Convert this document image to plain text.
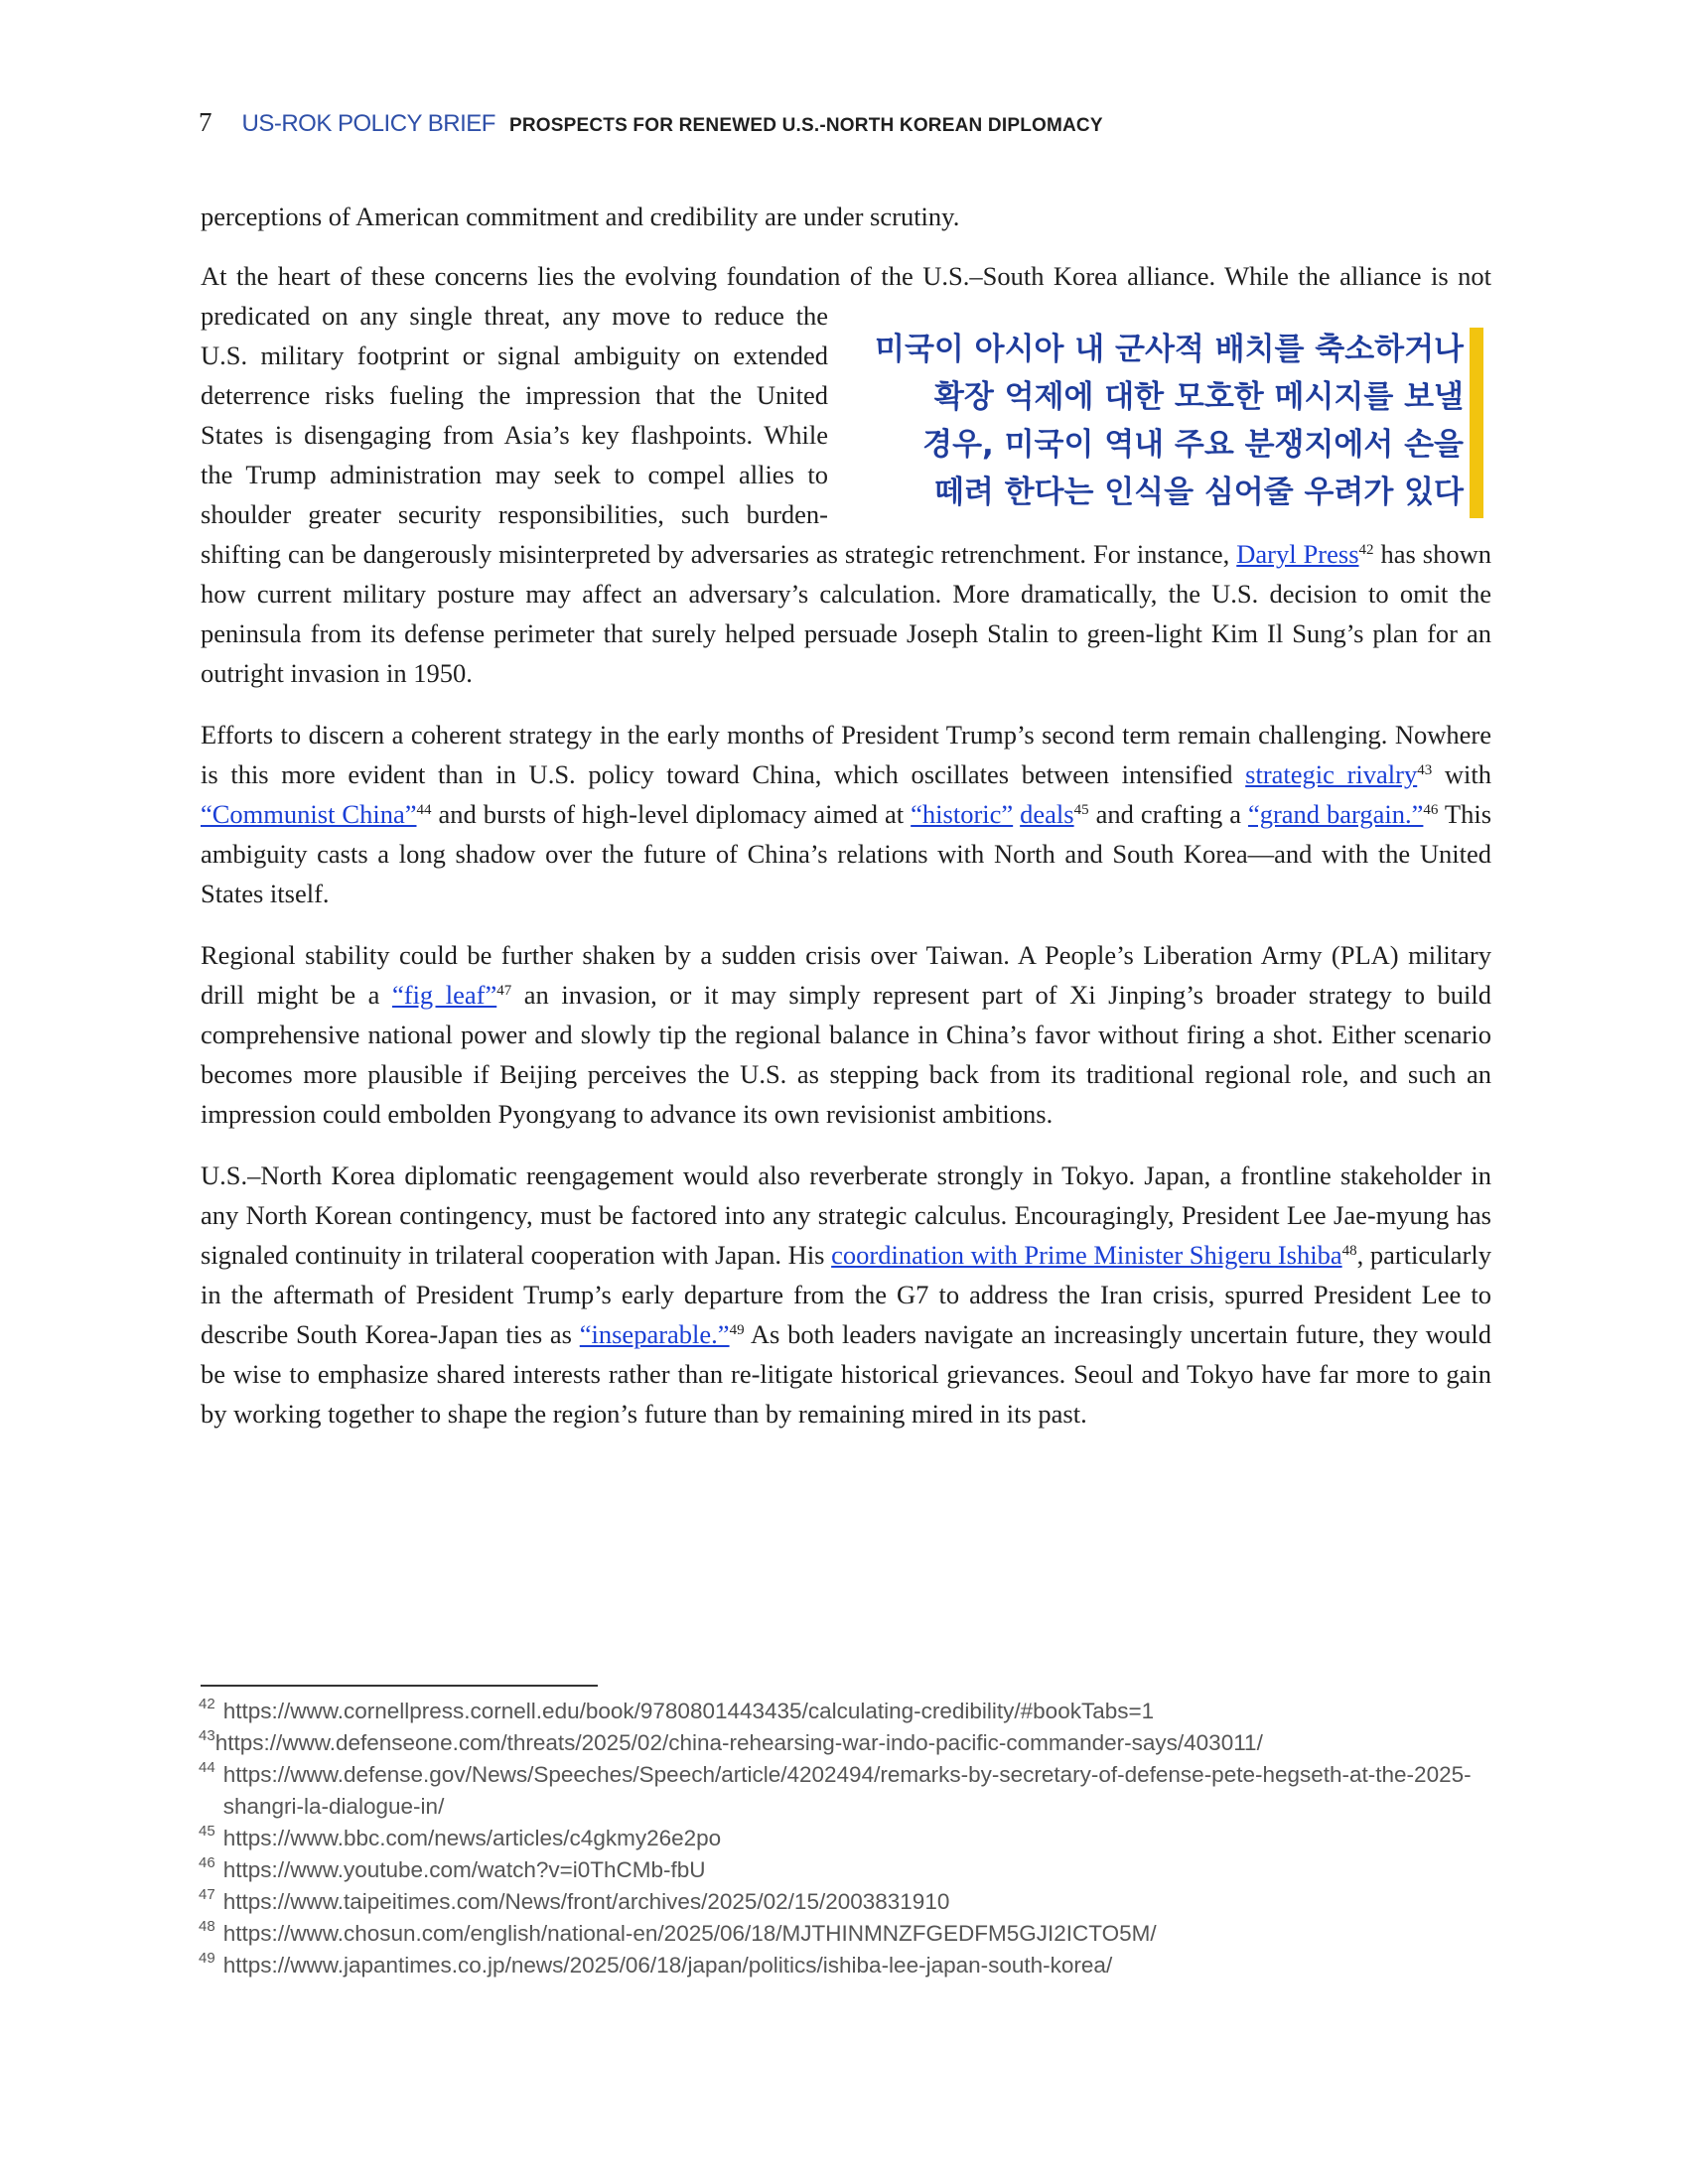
7 US-ROK POLICY BRIEF PROSPECTS FOR RENEWED U.S.-NORTH KOREAN DIPLOMACY

perceptions of American commitment and credibility are under scrutiny.

At the heart of these concerns lies the evolving foundation of the U.S.–South Korea alliance. While the
미국이 아시아 내 군사적 배치를 축소하거나
확장 억제에 대한 모호한 메시지를 보낼
경우, 미국이 역내 주요 분쟁지에서 손을
떼려 한다는 인식을 심어줄 우려가 있다
alliance is not predicated on any single threat, any move to reduce the U.S. military footprint or signal ambiguity on extended deterrence risks fueling the impression that the United States is disengaging from Asia’s key flashpoints. While the Trump administration may seek to compel allies to shoulder greater security responsibilities, such burden-shifting can be dangerously misinterpreted by adversaries as strategic retrenchment. For instance, Daryl Press$^{42}$ has shown how current military posture may affect an adversary’s calculation. More dramatically, the U.S. decision to omit the peninsula from its defense perimeter that surely helped persuade Joseph Stalin to green-light Kim Il Sung’s plan for an outright invasion in 1950.

Efforts to discern a coherent strategy in the early months of President Trump’s second term remain challenging. Nowhere is this more evident than in U.S. policy toward China, which oscillates between intensified strategic rivalry$^{43}$ with “Communist China”$^{44}$ and bursts of high-level diplomacy aimed at “historic” deals$^{45}$ and crafting a “grand bargain.”$^{46}$ This ambiguity casts a long shadow over the future of China’s relations with North and South Korea—and with the United States itself.

Regional stability could be further shaken by a sudden crisis over Taiwan. A People’s Liberation Army (PLA) military drill might be a “fig leaf”$^{47}$ an invasion, or it may simply represent part of Xi Jinping’s broader strategy to build comprehensive national power and slowly tip the regional balance in China’s favor without firing a shot. Either scenario becomes more plausible if Beijing perceives the U.S. as stepping back from its traditional regional role, and such an impression could embolden Pyongyang to advance its own revisionist ambitions.

U.S.–North Korea diplomatic reengagement would also reverberate strongly in Tokyo. Japan, a frontline stakeholder in any North Korean contingency, must be factored into any strategic calculus. Encouragingly, President Lee Jae-myung has signaled continuity in trilateral cooperation with Japan. His coordination with Prime Minister Shigeru Ishiba$^{48}$, particularly in the aftermath of President Trump’s early departure from the G7 to address the Iran crisis, spurred President Lee to describe South Korea-Japan ties as “inseparable.”$^{49}$ As both leaders navigate an increasingly uncertain future, they would be wise to emphasize shared interests rather than re-litigate historical grievances. Seoul and Tokyo have far more to gain by working together to shape the region’s future than by remaining mired in its past.

42 https://www.cornellpress.cornell.edu/book/9780801443435/calculating-credibility/#bookTabs=1
43 https://www.defenseone.com/threats/2025/02/china-rehearsing-war-indo-pacific-commander-says/403011/
44 https://www.defense.gov/News/Speeches/Speech/article/4202494/remarks-by-secretary-of-defense-pete-hegseth-at-the-2025-shangri-la-dialogue-in/
45 https://www.bbc.com/news/articles/c4gkmy26e2po
46 https://www.youtube.com/watch?v=i0ThCMb-fbU
47 https://www.taipeitimes.com/News/front/archives/2025/02/15/2003831910
48 https://www.chosun.com/english/national-en/2025/06/18/MJTHINMNZFGEDFM5GJI2ICTO5M/
49 https://www.japantimes.co.jp/news/2025/06/18/japan/politics/ishiba-lee-japan-south-korea/
